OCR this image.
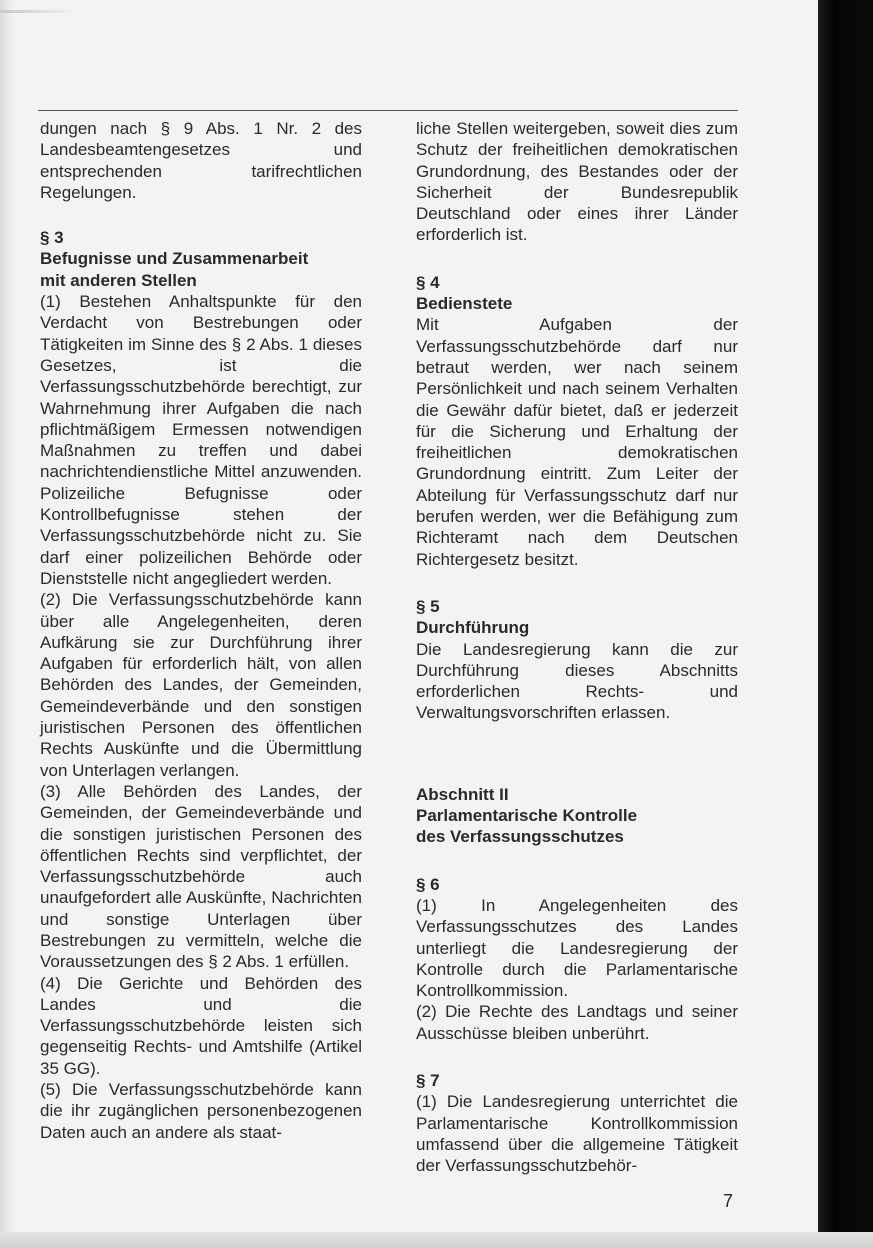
dungen nach § 9 Abs. 1 Nr. 2 des Landesbeamtengesetzes und entsprechenden tarifrechtlichen Regelungen.

§ 3

Befugnisse und Zusammenarbeit

mit anderen Stellen

(1) Bestehen Anhaltspunkte für den Verdacht von Bestrebungen oder Tätigkeiten im Sinne des § 2 Abs. 1 dieses Gesetzes, ist die Verfassungsschutzbehörde berechtigt, zur Wahrnehmung ihrer Aufgaben die nach pflichtmäßigem Ermessen notwendigen Maßnahmen zu treffen und dabei nachrichtendienstliche Mittel anzuwenden. Polizeiliche Befugnisse oder Kontrollbefugnisse stehen der Verfassungsschutzbehörde nicht zu. Sie darf einer polizeilichen Behörde oder Dienststelle nicht angegliedert werden.

(2) Die Verfassungsschutzbehörde kann über alle Angelegenheiten, deren Aufkärung sie zur Durchführung ihrer Aufgaben für erforderlich hält, von allen Behörden des Landes, der Gemeinden, Gemeindeverbände und den sonstigen juristischen Personen des öffentlichen Rechts Auskünfte und die Übermittlung von Unterlagen verlangen.

(3) Alle Behörden des Landes, der Gemeinden, der Gemeindeverbände und die sonstigen juristischen Personen des öffentlichen Rechts sind verpflichtet, der Verfassungsschutzbehörde auch unaufgefordert alle Auskünfte, Nachrichten und sonstige Unterlagen über Bestrebungen zu vermitteln, welche die Voraussetzungen des § 2 Abs. 1 erfüllen.

(4) Die Gerichte und Behörden des Landes und die Verfassungsschutzbehörde leisten sich gegenseitig Rechts- und Amtshilfe (Artikel 35 GG).

(5) Die Verfassungsschutzbehörde kann die ihr zugänglichen personenbezogenen Daten auch an andere als staat-

liche Stellen weitergeben, soweit dies zum Schutz der freiheitlichen demokratischen Grundordnung, des Bestandes oder der Sicherheit der Bundesrepublik Deutschland oder eines ihrer Länder erforderlich ist.

§ 4

Bedienstete

Mit Aufgaben der Verfassungsschutzbehörde darf nur betraut werden, wer nach seinem Persönlichkeit und nach seinem Verhalten die Gewähr dafür bietet, daß er jederzeit für die Sicherung und Erhaltung der freiheitlichen demokratischen Grundordnung eintritt. Zum Leiter der Abteilung für Verfassungsschutz darf nur berufen werden, wer die Befähigung zum Richteramt nach dem Deutschen Richtergesetz besitzt.

§ 5

Durchführung

Die Landesregierung kann die zur Durchführung dieses Abschnitts erforderlichen Rechts- und Verwaltungsvorschriften erlassen.

Abschnitt II

Parlamentarische Kontrolle

des Verfassungsschutzes

§ 6

(1) In Angelegenheiten des Verfassungsschutzes des Landes unterliegt die Landesregierung der Kontrolle durch die Parlamentarische Kontrollkommission.

(2) Die Rechte des Landtags und seiner Ausschüsse bleiben unberührt.

§ 7

(1) Die Landesregierung unterrichtet die Parlamentarische Kontrollkommission umfassend über die allgemeine Tätigkeit der Verfassungsschutzbehör-

7
